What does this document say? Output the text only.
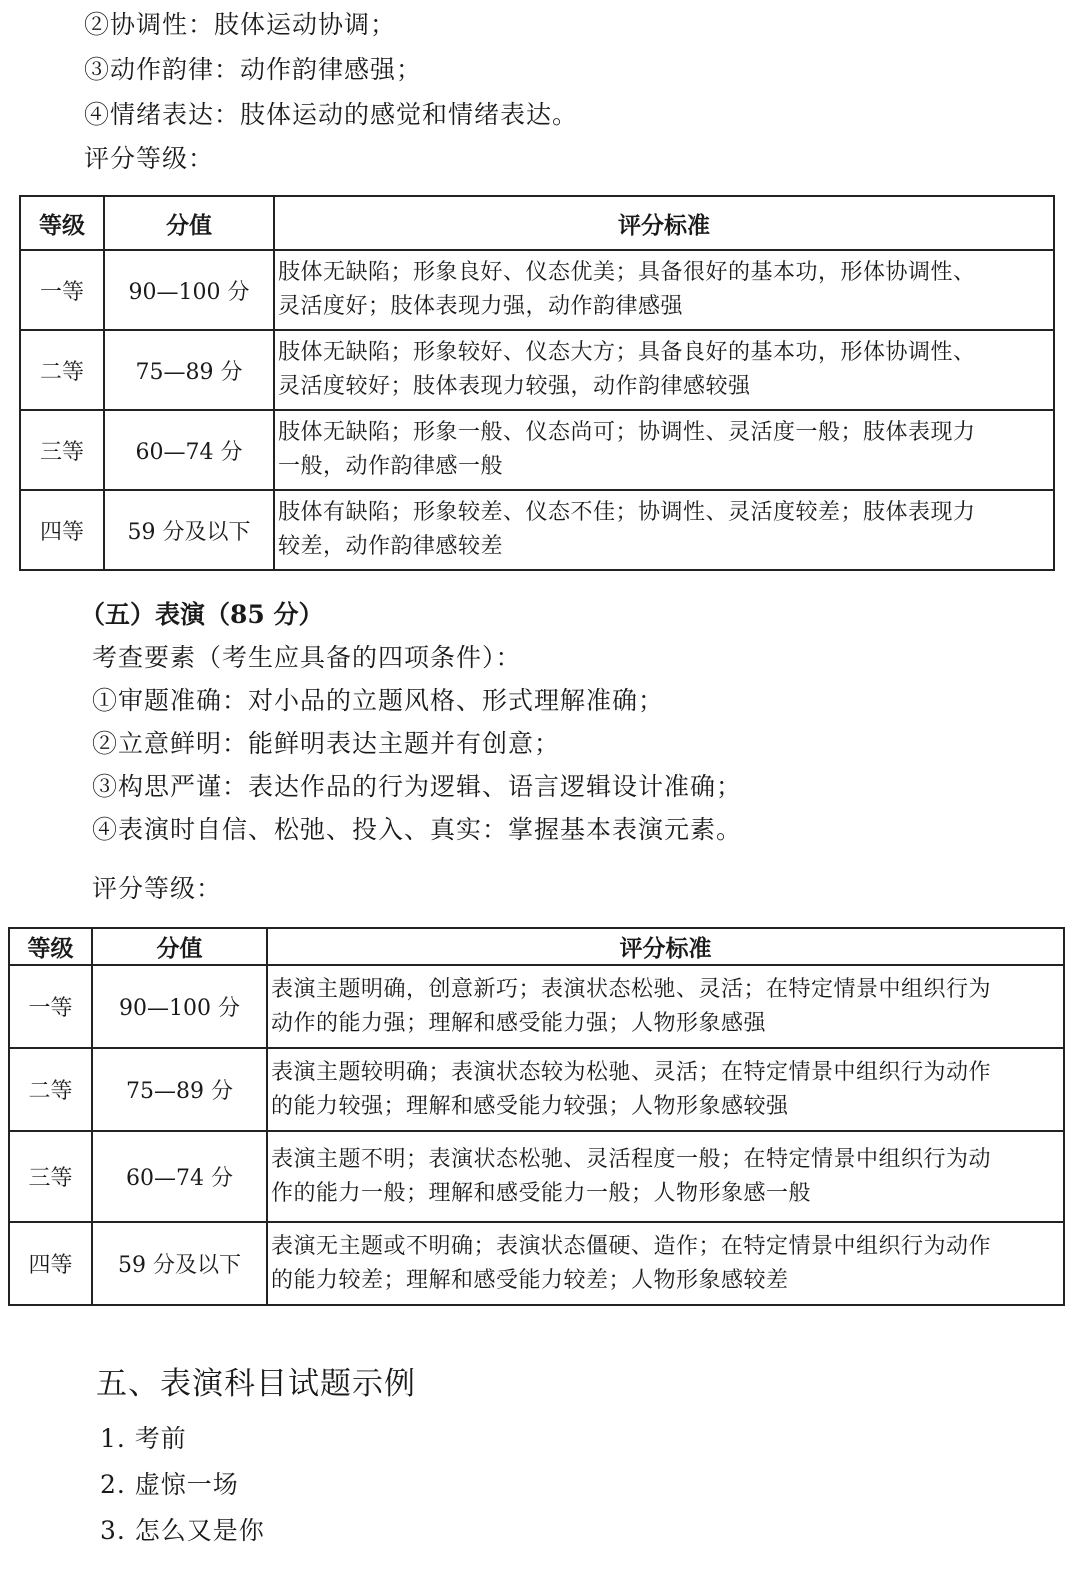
②协调性：肢体运动协调；
③动作韵律：动作韵律感强；
④情绪表达：肢体运动的感觉和情绪表达。
评分等级：
等级	分值	评分标准
一等	90—100 分	肢体无缺陷；形象良好、仪态优美；具备很好的基本功，形体协调性、
灵活度好；肢体表现力强，动作韵律感强

二等	75—89 分	肢体无缺陷；形象较好、仪态大方；具备良好的基本功，形体协调性、
灵活度较好；肢体表现力较强，动作韵律感较强

三等	60—74 分	肢体无缺陷；形象一般、仪态尚可；协调性、灵活度一般；肢体表现力
一般，动作韵律感一般

四等	59 分及以下	肢体有缺陷；形象较差、仪态不佳；协调性、灵活度较差；肢体表现力
较差，动作韵律感较差
（五）表演（85 分）
考查要素（考生应具备的四项条件）：
①审题准确：对小品的立题风格、形式理解准确；
②立意鲜明：能鲜明表达主题并有创意；
③构思严谨：表达作品的行为逻辑、语言逻辑设计准确；
④表演时自信、松弛、投入、真实：掌握基本表演元素。
评分等级：
等级	分值	评分标准
一等	90—100 分	表演主题明确，创意新巧；表演状态松驰、灵活；在特定情景中组织行为
动作的能力强；理解和感受能力强；人物形象感强

二等	75—89 分	表演主题较明确；表演状态较为松驰、灵活；在特定情景中组织行为动作
的能力较强；理解和感受能力较强；人物形象感较强

三等	60—74 分	表演主题不明；表演状态松驰、灵活程度一般；在特定情景中组织行为动
作的能力一般；理解和感受能力一般；人物形象感一般

四等	59 分及以下	表演无主题或不明确；表演状态僵硬、造作；在特定情景中组织行为动作
的能力较差；理解和感受能力较差；人物形象感较差
五、表演科目试题示例
1. 考前
2. 虚惊一场
3. 怎么又是你
